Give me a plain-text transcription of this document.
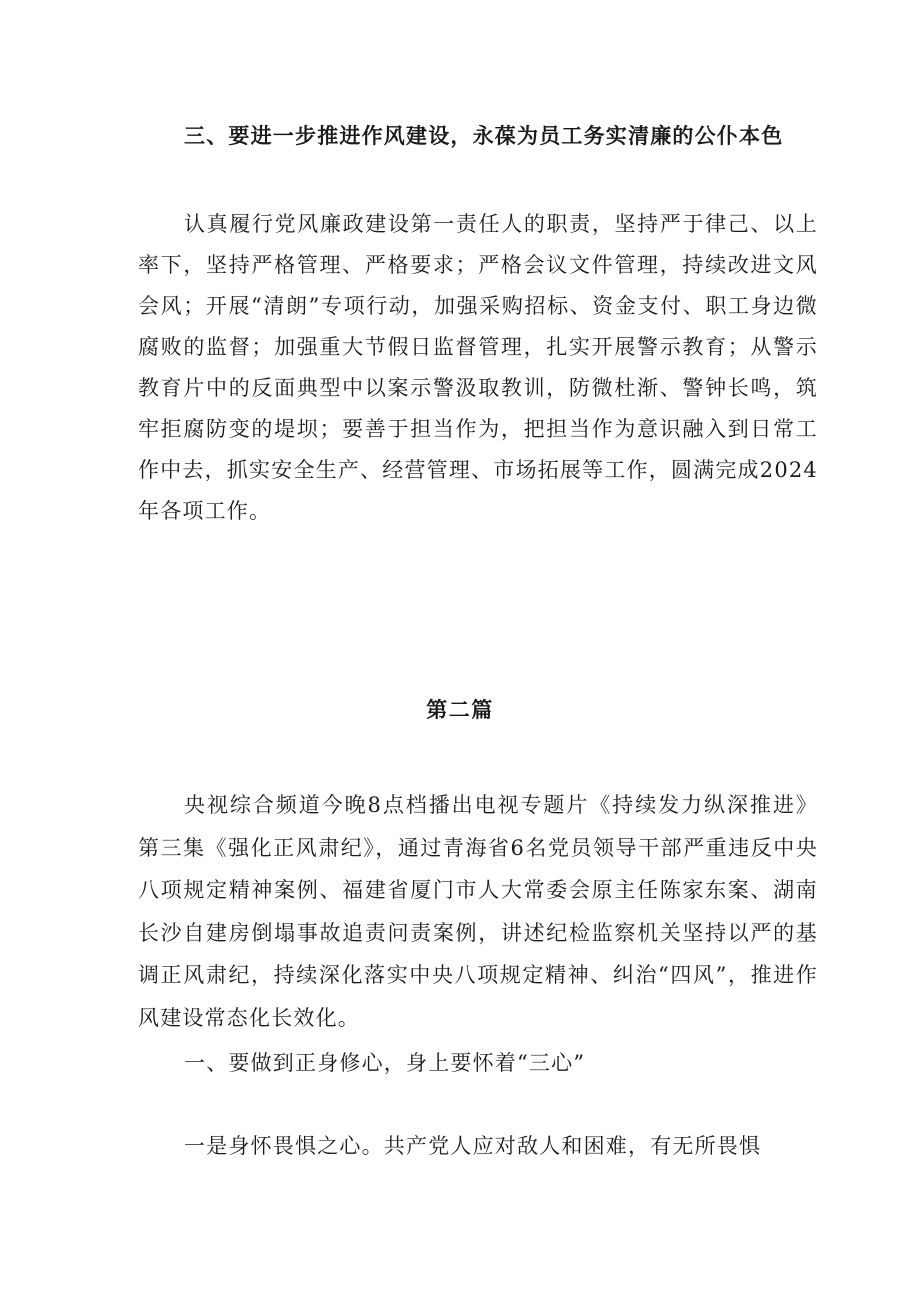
三、要进一步推进作风建设，永葆为员工务实清廉的公仆本色
认真履行党风廉政建设第一责任人的职责，坚持严于律己、以上率下，坚持严格管理、严格要求；严格会议文件管理，持续改进文风会风；开展“清朗”专项行动，加强采购招标、资金支付、职工身边微腐败的监督；加强重大节假日监督管理，扎实开展警示教育；从警示教育片中的反面典型中以案示警汲取教训，防微杜渐、警钟长鸣，筑牢拒腐防变的堤坝；要善于担当作为，把担当作为意识融入到日常工作中去，抓实安全生产、经营管理、市场拓展等工作，圆满完成2024年各项工作。
第二篇
央视综合频道今晚8点档播出电视专题片《持续发力纵深推进》第三集《强化正风肃纪》，通过青海省6名党员领导干部严重违反中央八项规定精神案例、福建省厦门市人大常委会原主任陈家东案、湖南长沙自建房倒塌事故追责问责案例，讲述纪检监察机关坚持以严的基调正风肃纪，持续深化落实中央八项规定精神、纠治“四风”，推进作风建设常态化长效化。
一、要做到正身修心，身上要怀着“三心”
一是身怀畏惧之心。共产党人应对敌人和困难，有无所畏惧
